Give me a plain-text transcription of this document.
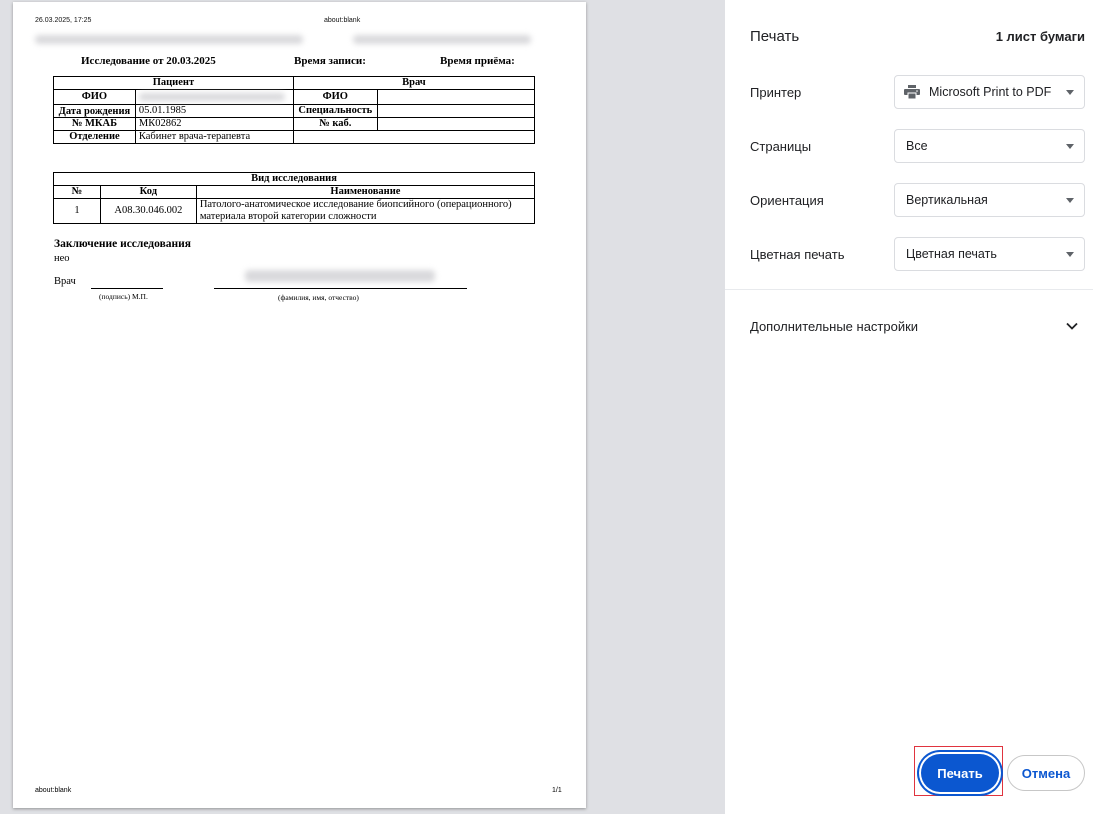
26.03.2025, 17:25	about:blank
Исследование от 20.03.2025	Время записи:	Время приёма:
Пациент		Врач	
ФИО		ФИО	
Дата рождения	05.01.1985	Специальность	
№ МКАБ	МК02862	№ каб.	
Отделение	Кабинет врача-терапевта		
Вид исследования		
№	Код	Наименование
1	A08.30.046.002	Патолого-анатомическое исследование биопсийного (операционного) материала второй категории сложности
Заключение исследования
нео
Врач
(подпись) М.П.	(фамилия, имя, отчество)
about:blank	1/1
Печать	1 лист бумаги
Принтер	Microsoft Print to PDF
Страницы	Все
Ориентация	Вертикальная
Цветная печать	Цветная печать
Дополнительные настройки
Печать	Отмена
